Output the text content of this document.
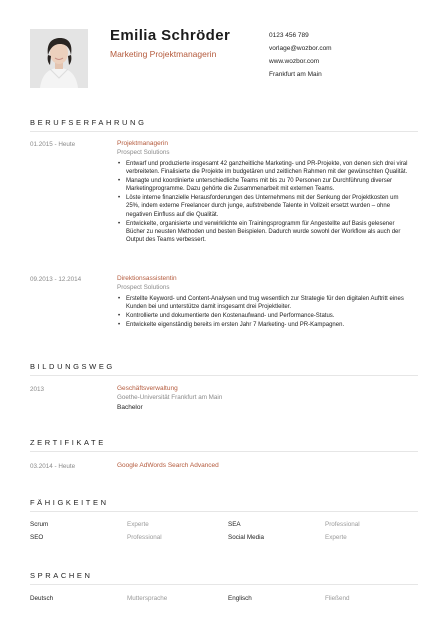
Emilia Schröder
Marketing Projektmanagerin
0123 456 789
vorlage@wozbor.com
www.wozbor.com
Frankfurt am Main
BERUFSERFAHRUNG
01.2015 - Heute	Projektmanagerin
Prospect Solutions
• Entwarf und produzierte insgesamt 42 ganzheitliche Marketing- und PR-Projekte, von denen sich drei viral verbreiteten. Finalisierte die Projekte im budgetären und zeitlichen Rahmen mit der gewünschten Qualität.
• Managte und koordinierte unterschiedliche Teams mit bis zu 70 Personen zur Durchführung diverser Marketingprogramme. Dazu gehörte die Zusammenarbeit mit externen Teams.
• Löste interne finanzielle Herausforderungen des Unternehmens mit der Senkung der Projektkosten um 25%, indem externe Freelancer durch junge, aufstrebende Talente in Vollzeit ersetzt wurden – ohne negativen Einfluss auf die Qualität.
• Entwickelte, organisierte und verwirklichte ein Trainingsprogramm für Angestellte auf Basis gelesener Bücher zu neusten Methoden und besten Beispielen. Dadurch wurde sowohl der Workflow als auch der Output des Teams verbessert.
09.2013 - 12.2014	Direktionsassistentin
Prospect Solutions
• Erstellte Keyword- und Content-Analysen und trug wesentlich zur Strategie für den digitalen Auftritt eines Kunden bei und unterstütze damit insgesamt drei Projektleiter.
• Kontrollierte und dokumentierte den Kostenaufwand- und Performance-Status.
• Entwickelte eigenständig bereits im ersten Jahr 7 Marketing- und PR-Kampagnen.
BILDUNGSWEG
2013	Geschäftsverwaltung
Goethe-Universität Frankfurt am Main
Bachelor
ZERTIFIKATE
03.2014 - Heute	Google AdWords Search Advanced
FÄHIGKEITEN
Scrum	Experte	SEA	Professional
SEO	Professional	Social Media	Experte
SPRACHEN
Deutsch	Muttersprache	Englisch	Fließend
